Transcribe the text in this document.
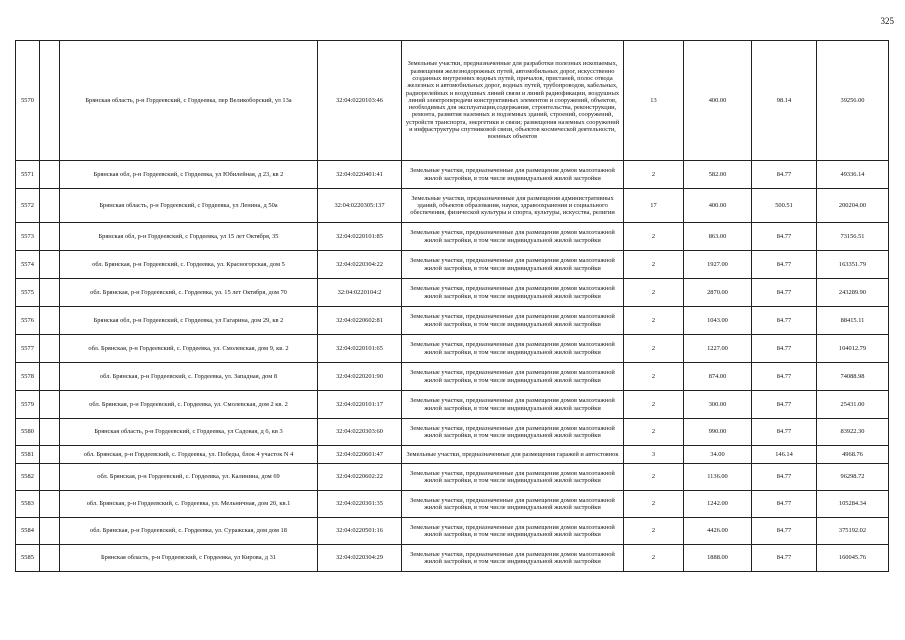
325
5570		Брянская область, р-н Гордеевский, с Гордеевка, пер Великоборский, ул 13а	32:04:0220103:46	Земельные участки, предназначенные для разработки полезных ископаемых, размещения железнодорожных путей, автомобильных дорог, искусственно созданных внутренних водных путей, причалов, пристаней, полос отвода железных и автомобильных дорог, водных путей, трубопроводов, кабельных, радиорелейных и воздушных линий связи и линий радиофикации, воздушных линий электропередачи конструктивных элементов и сооружений, объектов, необходимых для эксплуатации,содержания, строительства, реконструкции, ремонта, развития наземных и подземных зданий, строений, сооружений, устройств транспорта, энергетики и связи; размещения наземных сооружений и инфраструктуры спутниковой связи, объектов космической деятельности, военных объектов	13	400.00	98.14	39256.00
5571		Брянская обл, р-н Гордеевский, с Гордеевка, ул Юбилейная, д 23, кв 2	32:04:0220401:41	Земельные участки, предназначенные для размещения домов малоэтажной жилой застройки, в том числе индивидуальной жилой застройки	2	582.00	84.77	49336.14
5572		Брянская область, р-н Гордеевский, с Гордеевка, ул Ленина, д 50а	32:04:0220305:137	Земельные участки, предназначенные для размещения административных зданий, объектов образования, науки, здравоохранения и социального обеспечения, физической культуры и спорта, культуры, искусства, религии	17	400.00	500.51	200204.00
5573		Брянская обл, р-н Гордеевский, с Гордеевка, ул 15 лет Октября, 35	32:04:0220101:85	Земельные участки, предназначенные для размещения домов малоэтажной жилой застройки, в том числе индивидуальной жилой застройки	2	863.00	84.77	73156.51
5574		обл. Брянская, р-н Гордеевский, с. Гордеевка, ул. Красногорская, дом 5	32:04:0220304:22	Земельные участки, предназначенные для размещения домов малоэтажной жилой застройки, в том числе индивидуальной жилой застройки	2	1927.00	84.77	163351.79
5575		обл. Брянская, р-н Гордеевский, с. Гордеевка, ул. 15 лет Октября, дом 70	32:04:0220104:2	Земельные участки, предназначенные для размещения домов малоэтажной жилой застройки, в том числе индивидуальной жилой застройки	2	2870.00	84.77	243289.90
5576		Брянская обл, р-н Гордеевский, с Гордеевка, ул Гагарина, дом 29, кв 2	32:04:0220602:81	Земельные участки, предназначенные для размещения домов малоэтажной жилой застройки, в том числе индивидуальной жилой застройки	2	1043.00	84.77	88415.11
5577		обл. Брянская, р-н Гордеевский, с. Гордеевка, ул. Смолевская, дом 9, кв. 2	32:04:0220101:65	Земельные участки, предназначенные для размещения домов малоэтажной жилой застройки, в том числе индивидуальной жилой застройки	2	1227.00	84.77	104012.79
5578		обл. Брянская, р-н Гордеевский, с. Гордеевка, ул. Западная, дом 8	32:04:0220201:90	Земельные участки, предназначенные для размещения домов малоэтажной жилой застройки, в том числе индивидуальной жилой застройки	2	874.00	84.77	74088.98
5579		обл. Брянская, р-н Гордеевский, с. Гордеевка, ул. Смолевская, дом 2 кв. 2	32:04:0220101:17	Земельные участки, предназначенные для размещения домов малоэтажной жилой застройки, в том числе индивидуальной жилой застройки	2	300.00	84.77	25431.00
5580		Брянская область, р-н Гордеевский, с Гордеевка, ул Садовая, д 6, кв 3	32:04:0220303:60	Земельные участки, предназначенные для размещения домов малоэтажной жилой застройки, в том числе индивидуальной жилой застройки	2	990.00	84.77	83922.30
5581		обл. Брянская, р-н Гордеевский, с. Гордеевка, ул. Победы, блок 4 участок N 4	32:04:0220601:47	Земельные участки, предназначенные для размещения гаражей и автостоянок	3	34.00	146.14	4968.76
5582		обл. Брянская, р-н Гордеевский, с. Гордеевка, ул. Калинина, дом 69	32:04:0220602:22	Земельные участки, предназначенные для размещения домов малоэтажной жилой застройки, в том числе индивидуальной жилой застройки	2	1136.00	84.77	96298.72
5583		обл. Брянская, р-н Гордеевский, с. Гордеевка, ул. Мельничная, дом 20, кв.1	32:04:0220301:35	Земельные участки, предназначенные для размещения домов малоэтажной жилой застройки, в том числе индивидуальной жилой застройки	2	1242.00	84.77	105284.34
5584		обл. Брянская, р-н Гордеевский, с. Гордеевка, ул. Суражская, дом дом 18	32:04:0220501:16	Земельные участки, предназначенные для размещения домов малоэтажной жилой застройки, в том числе индивидуальной жилой застройки	2	4426.00	84.77	375192.02
5585		Брянская область, р-н Гордеевский, с Гордеевка, ул Кирова, д 31	32:04:0220304:29	Земельные участки, предназначенные для размещения домов малоэтажной жилой застройки, в том числе индивидуальной жилой застройки	2	1888.00	84.77	160045.76
